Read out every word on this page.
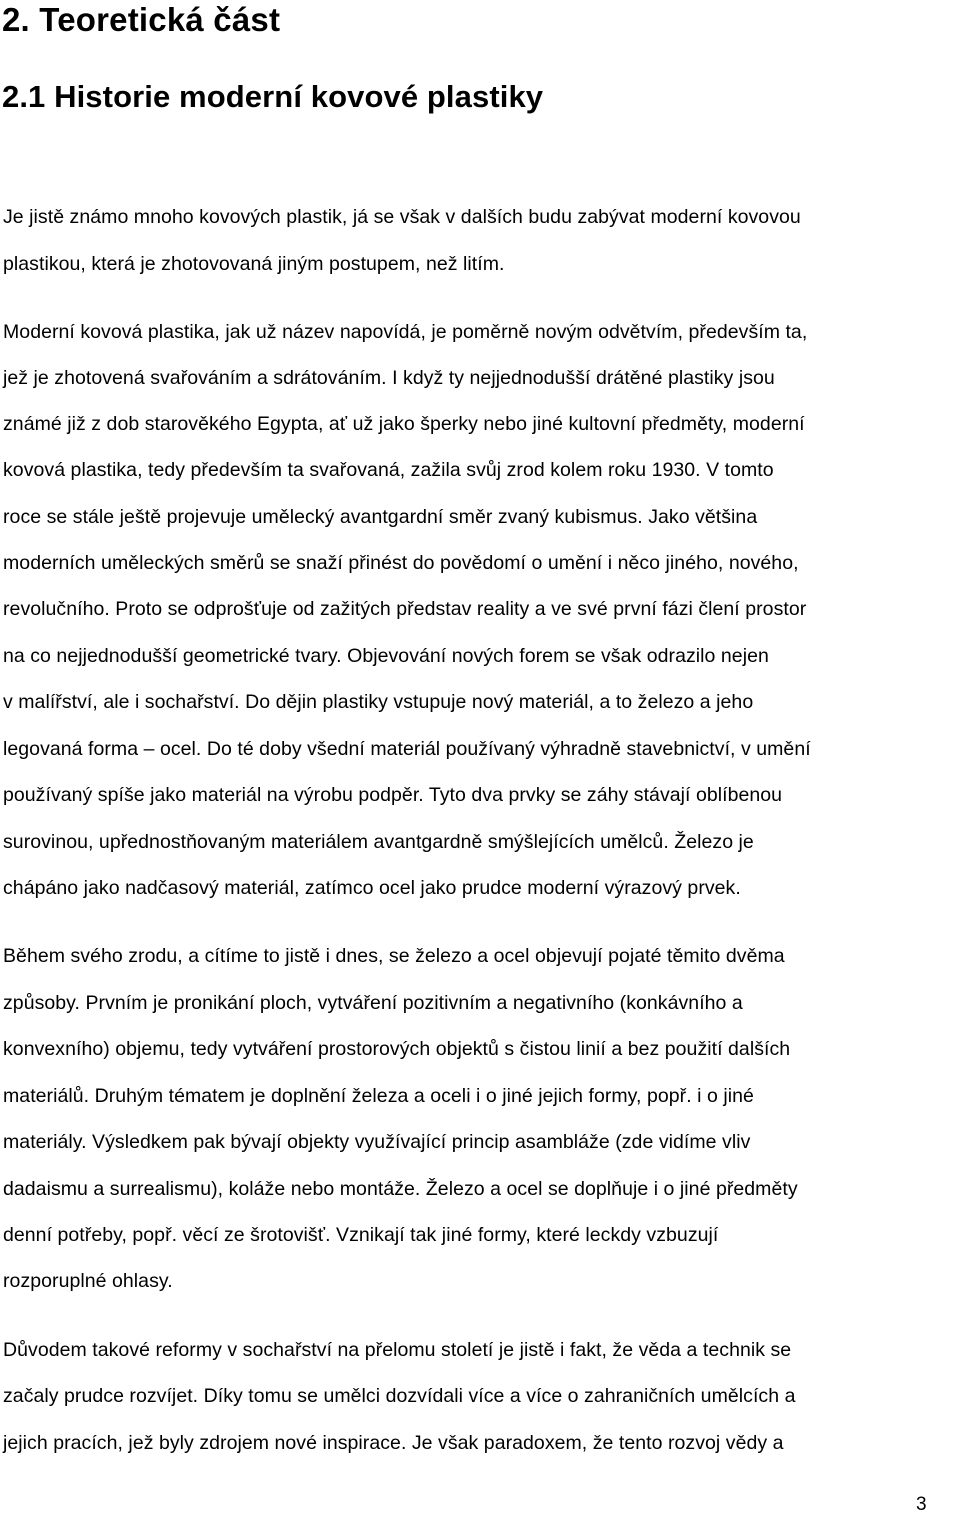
2. Teoretická část
2.1 Historie moderní kovové plastiky
Je jistě známo mnoho kovových plastik, já se však v dalších budu zabývat moderní kovovou
plastikou, která je zhotovovaná jiným postupem, než litím.
Moderní kovová plastika, jak už název napovídá, je poměrně novým odvětvím, především ta,
jež je zhotovená svařováním a sdrátováním. I když ty nejjednodušší drátěné plastiky jsou
známé již z dob starověkého Egypta, ať už jako šperky nebo jiné kultovní předměty, moderní
kovová plastika, tedy především ta svařovaná, zažila svůj zrod kolem roku 1930. V tomto
roce se stále ještě projevuje umělecký avantgardní směr zvaný kubismus. Jako většina
moderních uměleckých směrů se snaží přinést do povědomí o umění i něco jiného, nového,
revolučního. Proto se odprošťuje od zažitých představ reality a ve své první fázi člení prostor
na co nejjednodušší geometrické tvary. Objevování nových forem se však odrazilo nejen
v malířství, ale i sochařství. Do dějin plastiky vstupuje nový materiál, a to železo a jeho
legovaná forma – ocel. Do té doby všední materiál používaný výhradně stavebnictví, v umění
používaný spíše jako materiál na výrobu podpěr. Tyto dva prvky se záhy stávají oblíbenou
surovinou, upřednostňovaným materiálem avantgardně smýšlejících umělců. Železo je
chápáno jako nadčasový materiál, zatímco ocel jako prudce moderní výrazový prvek.
Během svého zrodu, a cítíme to jistě i dnes, se železo a ocel objevují pojaté těmito dvěma
způsoby. Prvním je pronikání ploch, vytváření pozitivním a negativního (konkávního a
konvexního) objemu, tedy vytváření prostorových objektů s čistou linií a bez použití dalších
materiálů. Druhým tématem je doplnění železa a oceli i o jiné jejich formy, popř. i o jiné
materiály. Výsledkem pak bývají objekty využívající princip asambláže (zde vidíme vliv
dadaismu a surrealismu), koláže nebo montáže. Železo a ocel se doplňuje i o jiné předměty
denní potřeby, popř. věcí ze šrotovišť. Vznikají tak jiné formy, které leckdy vzbuzují
rozporuplné ohlasy.
Důvodem takové reformy v sochařství na přelomu století je jistě i fakt, že věda a technik se
začaly prudce rozvíjet. Díky tomu se umělci dozvídali více a více o zahraničních umělcích a
jejich pracích, jež byly zdrojem nové inspirace. Je však paradoxem, že tento rozvoj vědy a
3
